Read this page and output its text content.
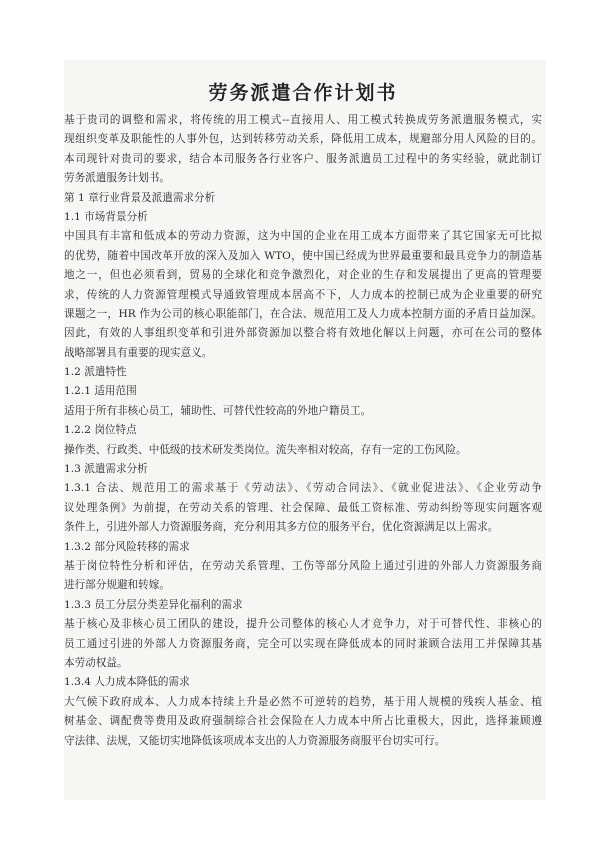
劳务派遣合作计划书

基于贵司的调整和需求，将传统的用工模式--直接用人、用工模式转换成劳务派遣服务模式，实

现组织变革及职能性的人事外包，达到转移劳动关系，降低用工成本，规避部分用人风险的目的。

本司现针对贵司的要求，结合本司服务各行业客户、服务派遣员工过程中的务实经验，就此制订

劳务派遣服务计划书。

第 1 章行业背景及派遣需求分析

1.1 市场背景分析

中国具有丰富和低成本的劳动力资源，这为中国的企业在用工成本方面带来了其它国家无可比拟

的优势，随着中国改革开放的深入及加入 WTO，使中国已经成为世界最重要和最具竞争力的制造基

地之一，但也必须看到，贸易的全球化和竞争激烈化，对企业的生存和发展提出了更高的管理要

求，传统的人力资源管理模式导通致管理成本居高不下，人力成本的控制已成为企业重要的研究

课题之一，HR 作为公司的核心职能部门，在合法、规范用工及人力成本控制方面的矛盾日益加深。

因此，有效的人事组织变革和引进外部资源加以整合将有效地化解以上问题，亦可在公司的整体

战略部署具有重要的现实意义。

1.2 派遣特性

1.2.1 适用范围

适用于所有非核心员工，辅助性、可替代性较高的外地户籍员工。

1.2.2 岗位特点

操作类、行政类、中低级的技术研发类岗位。流失率相对较高，存有一定的工伤风险。

1.3 派遣需求分析

1.3.1 合法、规范用工的需求基于《劳动法》、《劳动合同法》、《就业促进法》、《企业劳动争

议处理条例》为前提，在劳动关系的管理、社会保障、最低工资标准、劳动纠纷等现实问题客观

条件上，引进外部人力资源服务商，充分利用其多方位的服务平台，优化资源满足以上需求。

1.3.2 部分风险转移的需求

基于岗位特性分析和评估，在劳动关系管理、工伤等部分风险上通过引进的外部人力资源服务商

进行部分规避和转嫁。

1.3.3 员工分层分类差异化福利的需求

基于核心及非核心员工团队的建设，提升公司整体的核心人才竞争力，对于可替代性、非核心的

员工通过引进的外部人力资源服务商，完全可以实现在降低成本的同时兼顾合法用工并保障其基

本劳动权益。

1.3.4 人力成本降低的需求

大气候下政府成本、人力成本持续上升是必然不可逆转的趋势，基于用人规模的残疾人基金、植

树基金、调配费等费用及政府强制综合社会保险在人力成本中所占比重极大，因此，选择兼顾遵

守法律、法规，又能切实地降低该项成本支出的人力资源服务商服平台切实可行。
